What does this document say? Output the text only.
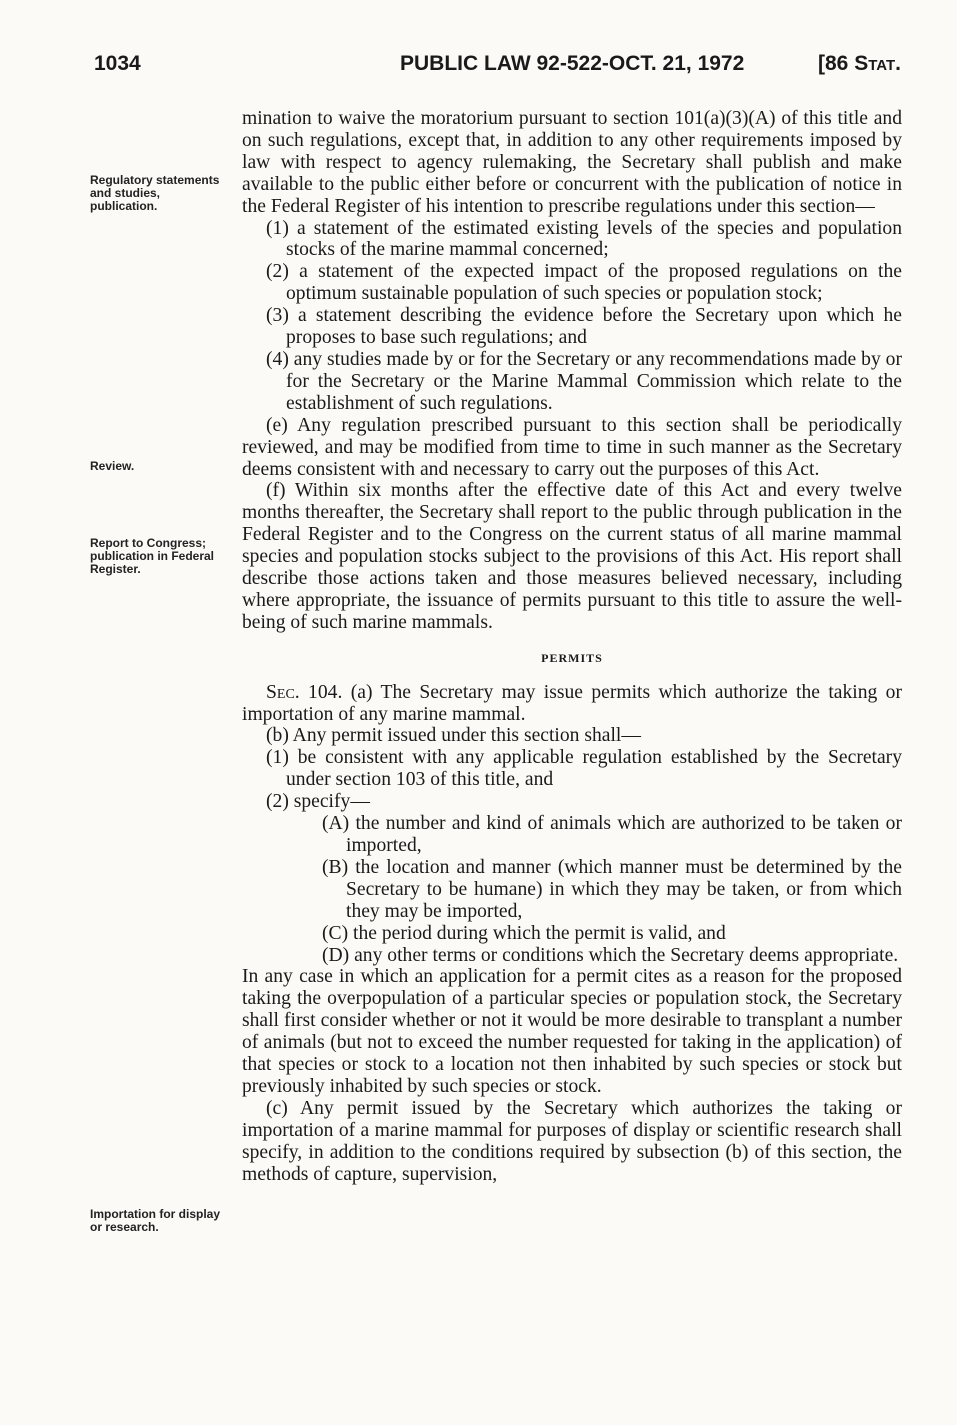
1034	PUBLIC LAW 92-522-OCT. 21, 1972	[86 Stat.
Regulatory statements and studies, publication.
Review.
Report to Congress; publication in Federal Register.
Importation for display or research.

mination to waive the moratorium pursuant to section 101(a)(3)(A) of this title and on such regulations, except that, in addition to any other requirements imposed by law with respect to agency rulemaking, the Secretary shall publish and make available to the public either before or concurrent with the publication of notice in the Federal Register of his intention to prescribe regulations under this section—

(1) a statement of the estimated existing levels of the species and population stocks of the marine mammal concerned;

(2) a statement of the expected impact of the proposed regulations on the optimum sustainable population of such species or population stock;

(3) a statement describing the evidence before the Secretary upon which he proposes to base such regulations; and

(4) any studies made by or for the Secretary or any recommendations made by or for the Secretary or the Marine Mammal Commission which relate to the establishment of such regulations.

(e) Any regulation prescribed pursuant to this section shall be periodically reviewed, and may be modified from time to time in such manner as the Secretary deems consistent with and necessary to carry out the purposes of this Act.

(f) Within six months after the effective date of this Act and every twelve months thereafter, the Secretary shall report to the public through publication in the Federal Register and to the Congress on the current status of all marine mammal species and population stocks subject to the provisions of this Act. His report shall describe those actions taken and those measures believed necessary, including where appropriate, the issuance of permits pursuant to this title to assure the well-being of such marine mammals.

PERMITS

Sec. 104. (a) The Secretary may issue permits which authorize the taking or importation of any marine mammal.

(b) Any permit issued under this section shall—

(1) be consistent with any applicable regulation established by the Secretary under section 103 of this title, and

(2) specify—

(A) the number and kind of animals which are authorized to be taken or imported,

(B) the location and manner (which manner must be determined by the Secretary to be humane) in which they may be taken, or from which they may be imported,

(C) the period during which the permit is valid, and

(D) any other terms or conditions which the Secretary deems appropriate.

In any case in which an application for a permit cites as a reason for the proposed taking the overpopulation of a particular species or population stock, the Secretary shall first consider whether or not it would be more desirable to transplant a number of animals (but not to exceed the number requested for taking in the application) of that species or stock to a location not then inhabited by such species or stock but previously inhabited by such species or stock.

(c) Any permit issued by the Secretary which authorizes the taking or importation of a marine mammal for purposes of display or scientific research shall specify, in addition to the conditions required by subsection (b) of this section, the methods of capture, supervision,
